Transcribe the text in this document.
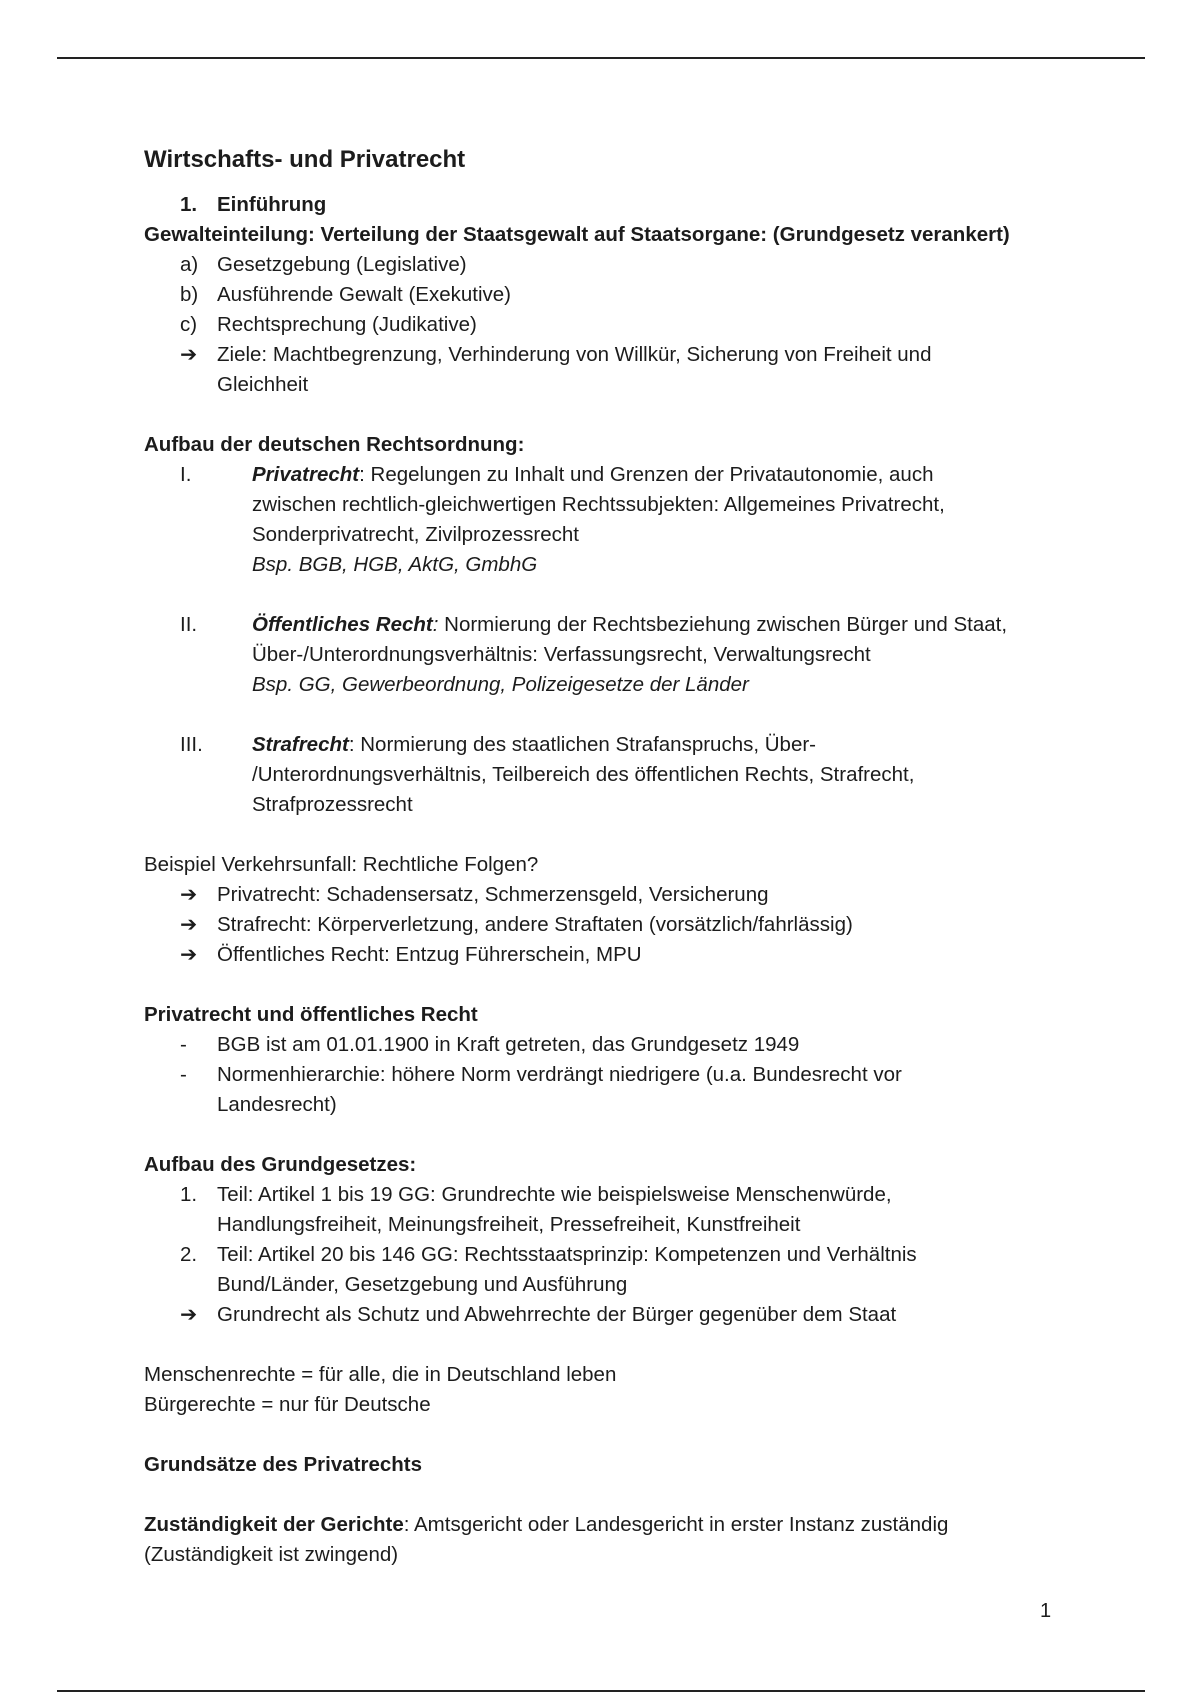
Wirtschafts- und Privatrecht
1. Einführung
Gewalteinteilung: Verteilung der Staatsgewalt auf Staatsorgane: (Grundgesetz verankert)
a) Gesetzgebung (Legislative)
b) Ausführende Gewalt (Exekutive)
c) Rechtsprechung (Judikative)
➔ Ziele: Machtbegrenzung, Verhinderung von Willkür, Sicherung von Freiheit und
Gleichheit
Aufbau der deutschen Rechtsordnung:
I.	Privatrecht: Regelungen zu Inhalt und Grenzen der Privatautonomie, auch
zwischen rechtlich-gleichwertigen Rechtssubjekten: Allgemeines Privatrecht,
Sonderprivatrecht, Zivilprozessrecht
Bsp. BGB, HGB, AktG, GmbhG
II.	Öffentliches Recht: Normierung der Rechtsbeziehung zwischen Bürger und Staat,
Über-/Unterordnungsverhältnis: Verfassungsrecht, Verwaltungsrecht
Bsp. GG, Gewerbeordnung, Polizeigesetze der Länder
III.	Strafrecht: Normierung des staatlichen Strafanspruchs, Über-
/Unterordnungsverhältnis, Teilbereich des öffentlichen Rechts, Strafrecht,
Strafprozessrecht
Beispiel Verkehrsunfall: Rechtliche Folgen?
➔ Privatrecht: Schadensersatz, Schmerzensgeld, Versicherung
➔ Strafrecht: Körperverletzung, andere Straftaten (vorsätzlich/fahrlässig)
➔ Öffentliches Recht: Entzug Führerschein, MPU
Privatrecht und öffentliches Recht
-	BGB ist am 01.01.1900 in Kraft getreten, das Grundgesetz 1949
-	Normenhierarchie: höhere Norm verdrängt niedrigere (u.a. Bundesrecht vor
Landesrecht)
Aufbau des Grundgesetzes:
1. Teil: Artikel 1 bis 19 GG: Grundrechte wie beispielsweise Menschenwürde,
Handlungsfreiheit, Meinungsfreiheit, Pressefreiheit, Kunstfreiheit
2. Teil: Artikel 20 bis 146 GG: Rechtsstaatsprinzip: Kompetenzen und Verhältnis
Bund/Länder, Gesetzgebung und Ausführung
➔ Grundrecht als Schutz und Abwehrrechte der Bürger gegenüber dem Staat
Menschenrechte = für alle, die in Deutschland leben
Bürgerechte = nur für Deutsche
Grundsätze des Privatrechts
Zuständigkeit der Gerichte: Amtsgericht oder Landesgericht in erster Instanz zuständig
(Zuständigkeit ist zwingend)
1
